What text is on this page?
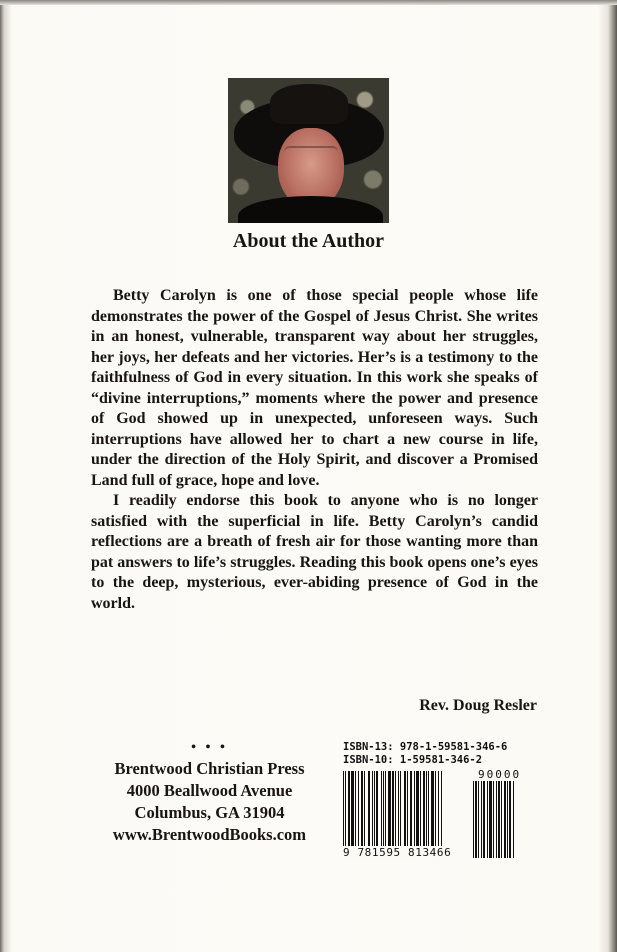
About the Author

Betty Carolyn is one of those special people whose life demonstrates the power of the Gospel of Jesus Christ. She writes in an honest, vulnerable, transparent way about her struggles, her joys, her defeats and her victories. Her’s is a testimony to the faithfulness of God in every situation. In this work she speaks of “divine interruptions,” moments where the power and presence of God showed up in unexpected, unforeseen ways. Such interruptions have allowed her to chart a new course in life, under the direction of the Holy Spirit, and discover a Promised Land full of grace, hope and love.

I readily endorse this book to anyone who is no longer satisfied with the superficial in life. Betty Carolyn’s candid reflections are a breath of fresh air for those wanting more than pat answers to life’s struggles. Reading this book opens one’s eyes to the deep, mysterious, ever-abiding presence of God in the world.

Rev. Doug Resler
• • •
Brentwood Christian Press
4000 Beallwood Avenue
Columbus, GA 31904
www.BrentwoodBooks.com
ISBN-13: 978-1-59581-346-6
ISBN-10: 1-59581-346-2
90000
9 781595 813466
